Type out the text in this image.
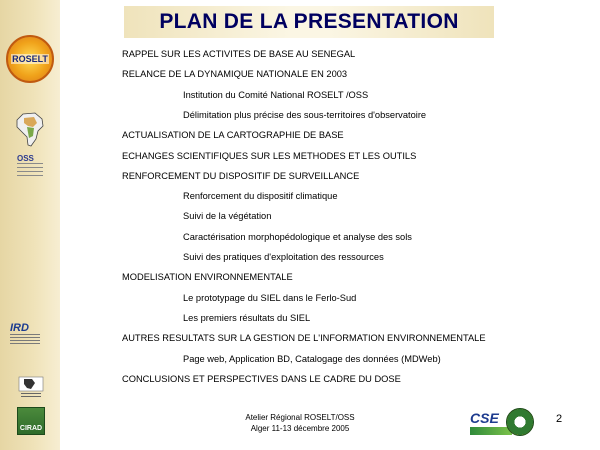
ROSELT
OSS
IRD
CIRAD
PLAN DE LA PRESENTATION
RAPPEL SUR LES ACTIVITES DE BASE AU SENEGAL
RELANCE DE LA DYNAMIQUE NATIONALE EN 2003
Institution du Comité National ROSELT /OSS
Délimitation plus précise des sous-territoires d'observatoire
ACTUALISATION DE LA CARTOGRAPHIE DE BASE
ECHANGES SCIENTIFIQUES SUR LES METHODES ET LES OUTILS
RENFORCEMENT DU DISPOSITIF DE SURVEILLANCE
Renforcement du dispositif climatique
Suivi de la végétation
Caractérisation morphopédologique et analyse des sols
Suivi des pratiques d'exploitation des ressources
MODELISATION ENVIRONNEMENTALE
Le prototypage du SIEL dans le Ferlo-Sud
Les premiers résultats du SIEL
AUTRES RESULTATS SUR LA GESTION DE L'INFORMATION ENVIRONNEMENTALE
Page web, Application BD, Catalogage des données (MDWeb)
CONCLUSIONS ET PERSPECTIVES DANS LE CADRE DU DOSE
Atelier Régional ROSELT/OSS
Alger 11-13 décembre 2005
CSE	2
